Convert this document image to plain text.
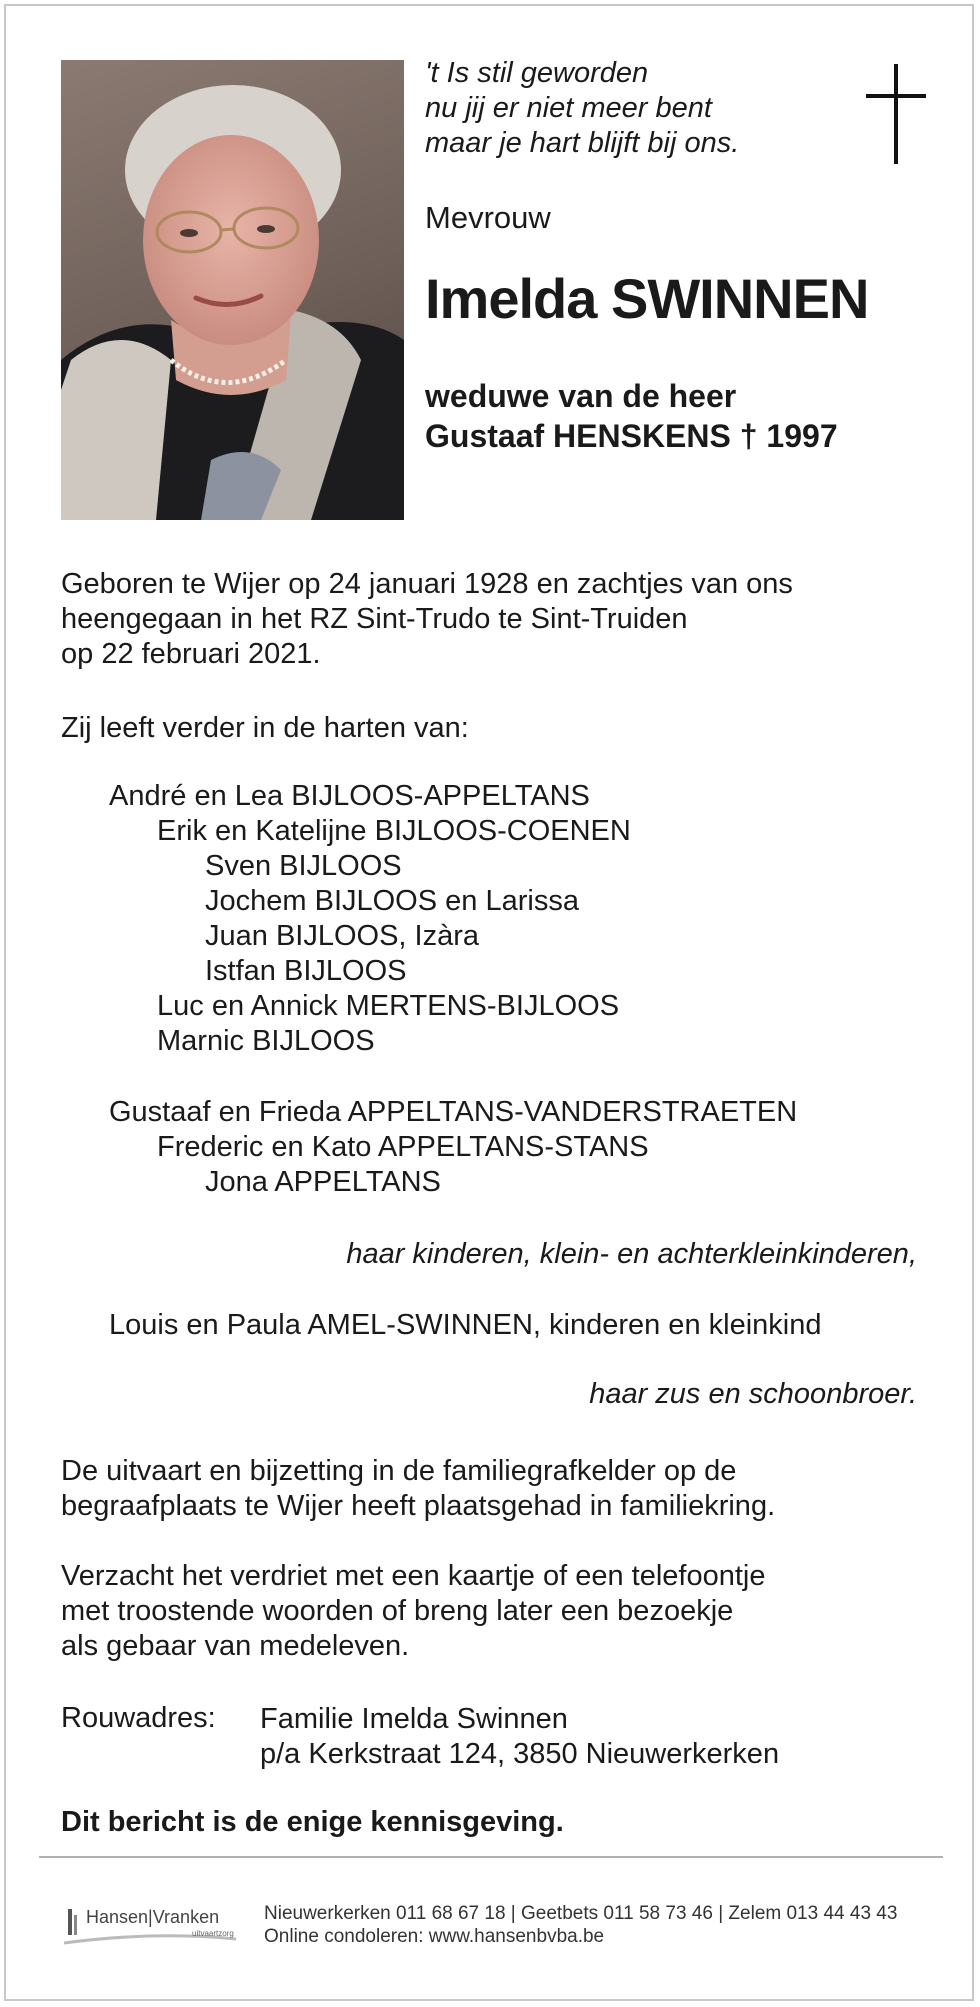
't Is stil geworden
nu jij er niet meer bent
maar je hart blijft bij ons.
Mevrouw
Imelda SWINNEN
weduwe van de heer
Gustaaf HENSKENS † 1997
Geboren te Wijer op 24 januari 1928 en zachtjes van ons
heengegaan in het RZ Sint-Trudo te Sint-Truiden
op 22 februari 2021.
Zij leeft verder in de harten van:
André en Lea BIJLOOS-APPELTANS
Erik en Katelijne BIJLOOS-COENEN
Sven BIJLOOS
Jochem BIJLOOS en Larissa
Juan BIJLOOS, Izàra
Istfan BIJLOOS
Luc en Annick MERTENS-BIJLOOS
Marnic BIJLOOS
Gustaaf en Frieda APPELTANS-VANDERSTRAETEN
Frederic en Kato APPELTANS-STANS
Jona APPELTANS
haar kinderen, klein- en achterkleinkinderen,
Louis en Paula AMEL-SWINNEN, kinderen en kleinkind
haar zus en schoonbroer.
De uitvaart en bijzetting in de familiegrafkelder op de
begraafplaats te Wijer heeft plaatsgehad in familiekring.
Verzacht het verdriet met een kaartje of een telefoontje
met troostende woorden of breng later een bezoekje
als gebaar van medeleven.
Rouwadres: Familie Imelda Swinnen
p/a Kerkstraat 124, 3850 Nieuwerkerken
Dit bericht is de enige kennisgeving.
Hansen|Vranken
uitvaartzorg
Nieuwerkerken 011 68 67 18 | Geetbets 011 58 73 46 | Zelem 013 44 43 43
Online condoleren: www.hansenbvba.be
